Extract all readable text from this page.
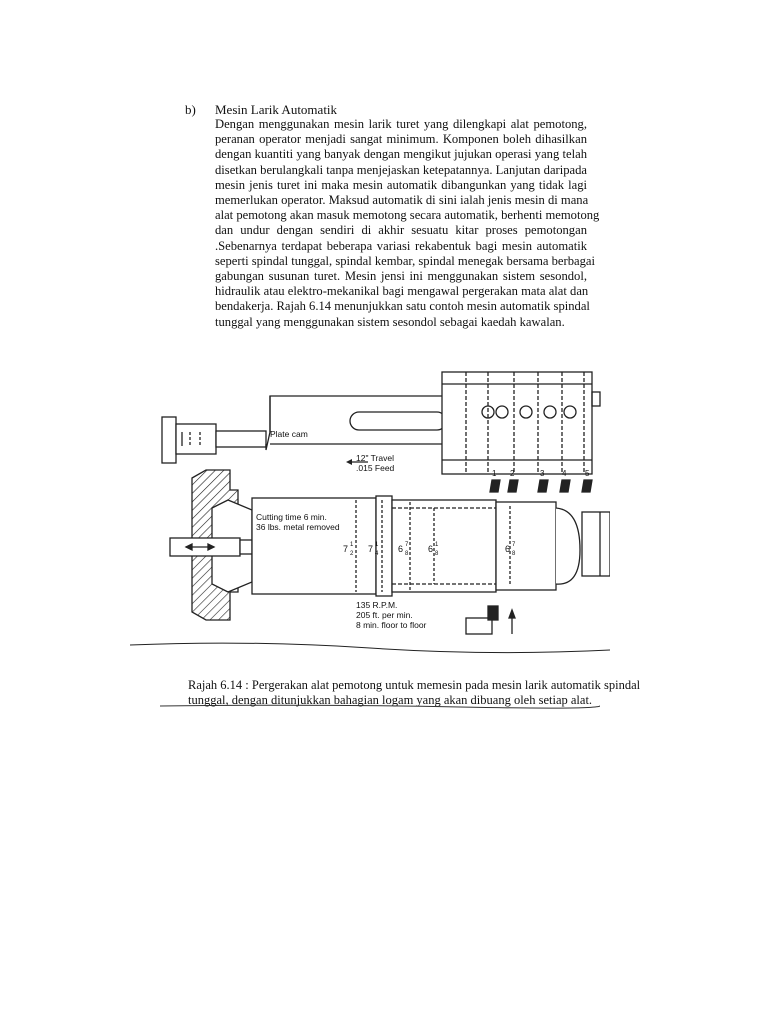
b) Mesin Larik Automatik

Dengan menggunakan mesin larik turet yang dilengkapi alat pemotong,
peranan operator menjadi sangat minimum. Komponen boleh dihasilkan
dengan kuantiti yang banyak dengan mengikut jujukan operasi yang telah
disetkan berulangkali tanpa menjejaskan ketepatannya. Lanjutan daripada
mesin jenis turet ini maka mesin automatik dibangunkan yang tidak lagi
memerlukan operator. Maksud automatik di sini ialah jenis mesin di mana
alat pemotong akan masuk memotong secara automatik, berhenti memotong
dan undur dengan sendiri di akhir sesuatu kitar proses pemotongan
.Sebenarnya terdapat beberapa variasi rekabentuk bagi mesin automatik
seperti spindal tunggal, spindal kembar, spindal menegak bersama berbagai
gabungan susunan turet. Mesin jensi ini menggunakan sistem sesondol,
hidraulik atau elektro-mekanikal bagi mengawal pergerakan mata alat dan
bendakerja. Rajah 6.14 menunjukkan satu contoh mesin automatik spindal
tunggal yang menggunakan sistem sesondol sebagai kaedah kawalan.

Plate cam
12" Travel
.015 Feed
Cutting time 6 min.
36 lbs. metal removed
135 R.P.M.
205 ft. per min.
8 min. floor to floor
1 2	3 4 5
7 1
2 7 1
4 6 7
8 6 1
8	6 7
8
Rajah 6.14 : Pergerakan alat pemotong untuk memesin pada mesin larik automatik spindal
tunggal, dengan ditunjukkan bahagian logam yang akan dibuang oleh setiap alat.
